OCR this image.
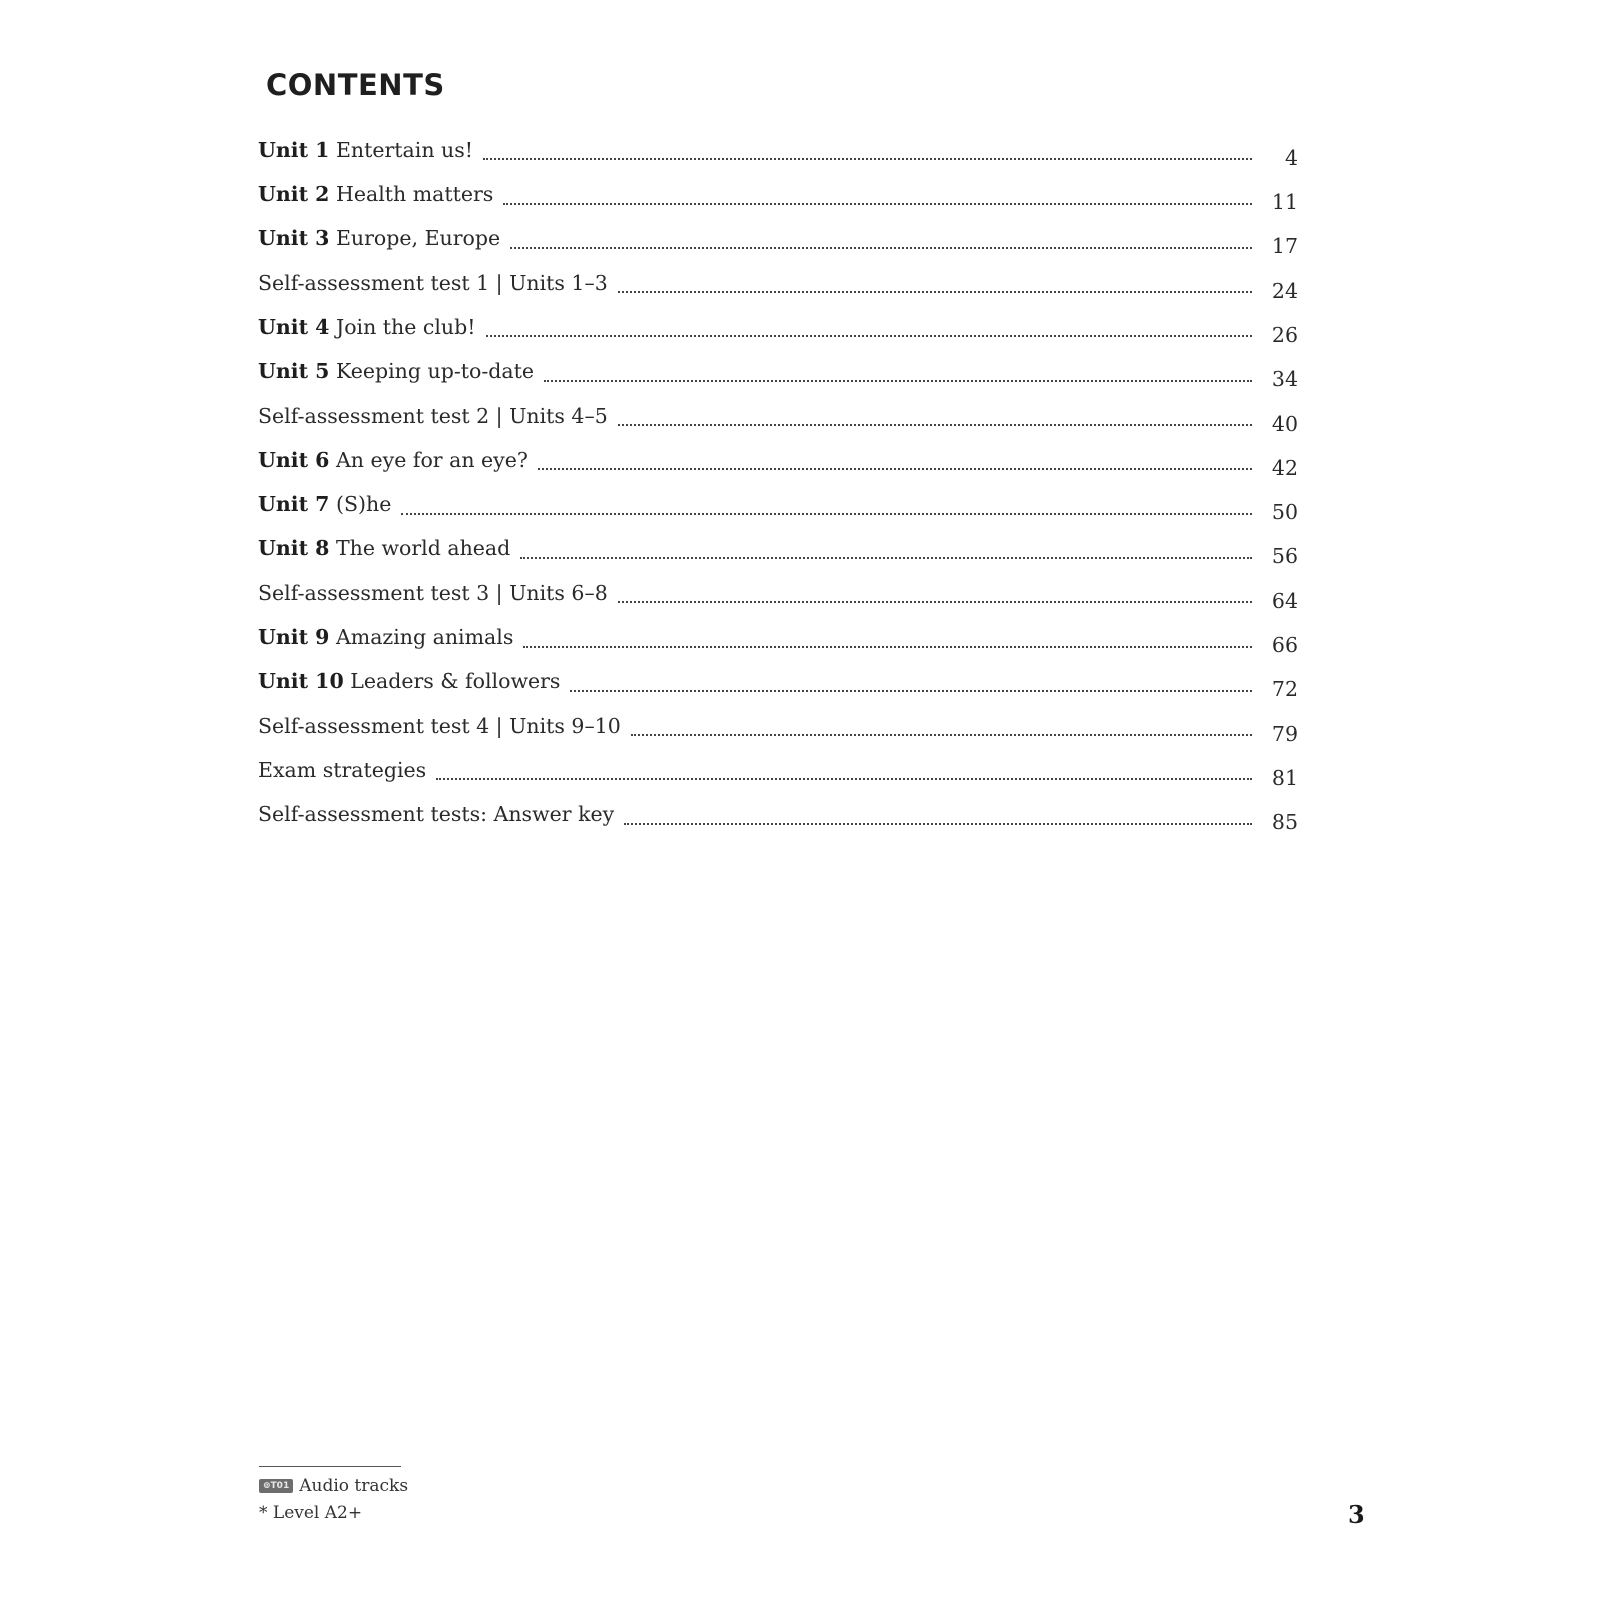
CONTENTS
Unit 1 Entertain us!	4
Unit 2 Health matters	11
Unit 3 Europe, Europe	17
Self-assessment test 1 | Units 1–3	24
Unit 4 Join the club!	26
Unit 5 Keeping up-to-date	34
Self-assessment test 2 | Units 4–5	40
Unit 6 An eye for an eye?	42
Unit 7 (S)he	50
Unit 8 The world ahead	56
Self-assessment test 3 | Units 6–8	64
Unit 9 Amazing animals	66
Unit 10 Leaders & followers	72
Self-assessment test 4 | Units 9–10	79
Exam strategies	81
Self-assessment tests: Answer key	85
⊚T01 Audio tracks
* Level A2+	3
